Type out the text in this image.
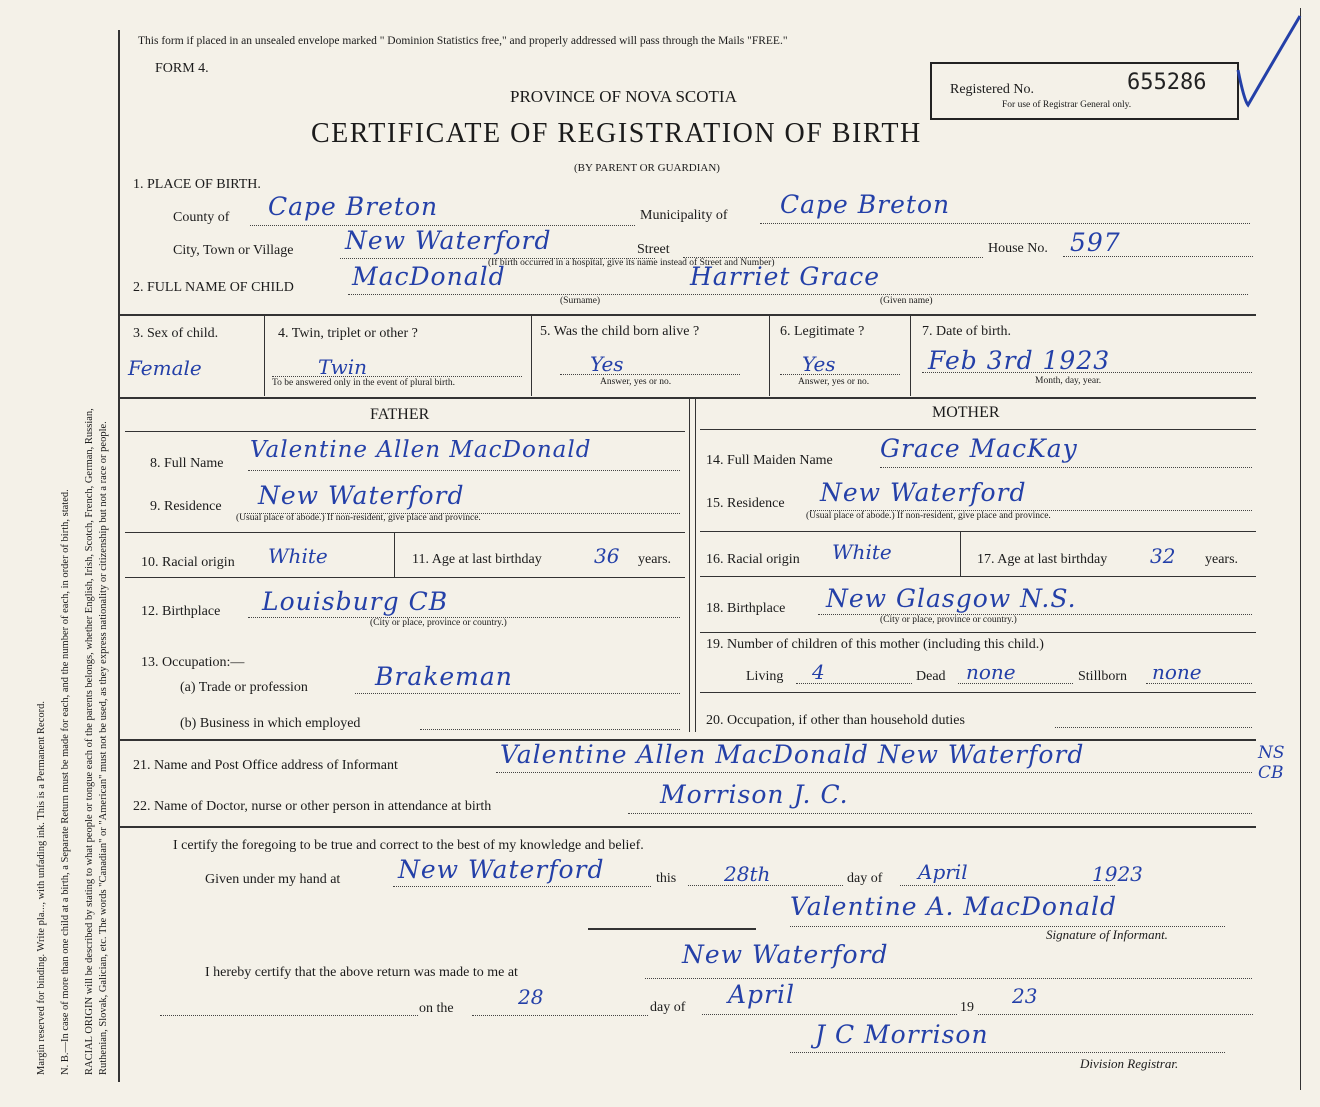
Margin reserved for binding. Write pla..., with unfading ink. This is a Permanent Record. N. B.—In case of more than one child at a birth, a Separate Return must be made for each, and the number of each, in order of birth, stated. RACIAL ORIGIN will be described by stating to what people or tongue each of the parents belongs, whether English, Irish, Scotch, French, German, Russian, Ruthenian, Slovak, Galician, etc. The words "Canadian" or "American" must not be used, as they express nationality or citizenship but not a race or people.
This form if placed in an unsealed envelope marked " Dominion Statistics free," and properly addressed will pass through the Mails "FREE."
FORM 4.
PROVINCE OF NOVA SCOTIA
CERTIFICATE OF REGISTRATION OF BIRTH
(BY PARENT OR GUARDIAN)
Registered No.	655286
For use of Registrar General only.
1. PLACE OF BIRTH.
County of Cape Breton	Municipality of Cape Breton
City, Town or Village New Waterford	Street	House No. 597
(If birth occurred in a hospital, give its name instead of Street and Number)
2. FULL NAME OF CHILD MacDonald	Harriet Grace
(Surname)	(Given name)
3. Sex of child.
Female
4. Twin, triplet or other ?
Twin
To be answered only in the event of plural birth.
5. Was the child born alive ?
Yes
Answer, yes or no.
6. Legitimate ?
Yes
Answer, yes or no.
7. Date of birth.
Feb 3rd 1923
Month, day, year.
FATHER
8. Full Name
Valentine Allen MacDonald
9. Residence New Waterford
(Usual place of abode.) If non-resident, give place and province.
10. Racial origin White	11. Age at last birthday	36 years.
12. Birthplace Louisburg CB
(City or place, province or country.)
13. Occupation:—
(a) Trade or profession	Brakeman
(b) Business in which employed
MOTHER
14. Full Maiden Name Grace MacKay
15. Residence New Waterford
(Usual place of abode.) If non-resident, give place and province.
16. Racial origin White	17. Age at last birthday 32 years.
18. Birthplace New Glasgow N.S.
(City or place, province or country.)
19. Number of children of this mother (including this child.)
Living 4	Dead none	Stillborn none
20. Occupation, if other than household duties
21. Name and Post Office address of Informant	Valentine Allen MacDonald New Waterford	NS CB
22. Name of Doctor, nurse or other person in attendance at birth	Morrison J. C.
I certify the foregoing to be true and correct to the best of my knowledge and belief.
Given under my hand at New Waterford	this 28th	day of April	1923
Valentine A. MacDonald
Signature of Informant.
I hereby certify that the above return was made to me at
New Waterford
on the	28	day of April	19 23
J C Morrison
Division Registrar.
